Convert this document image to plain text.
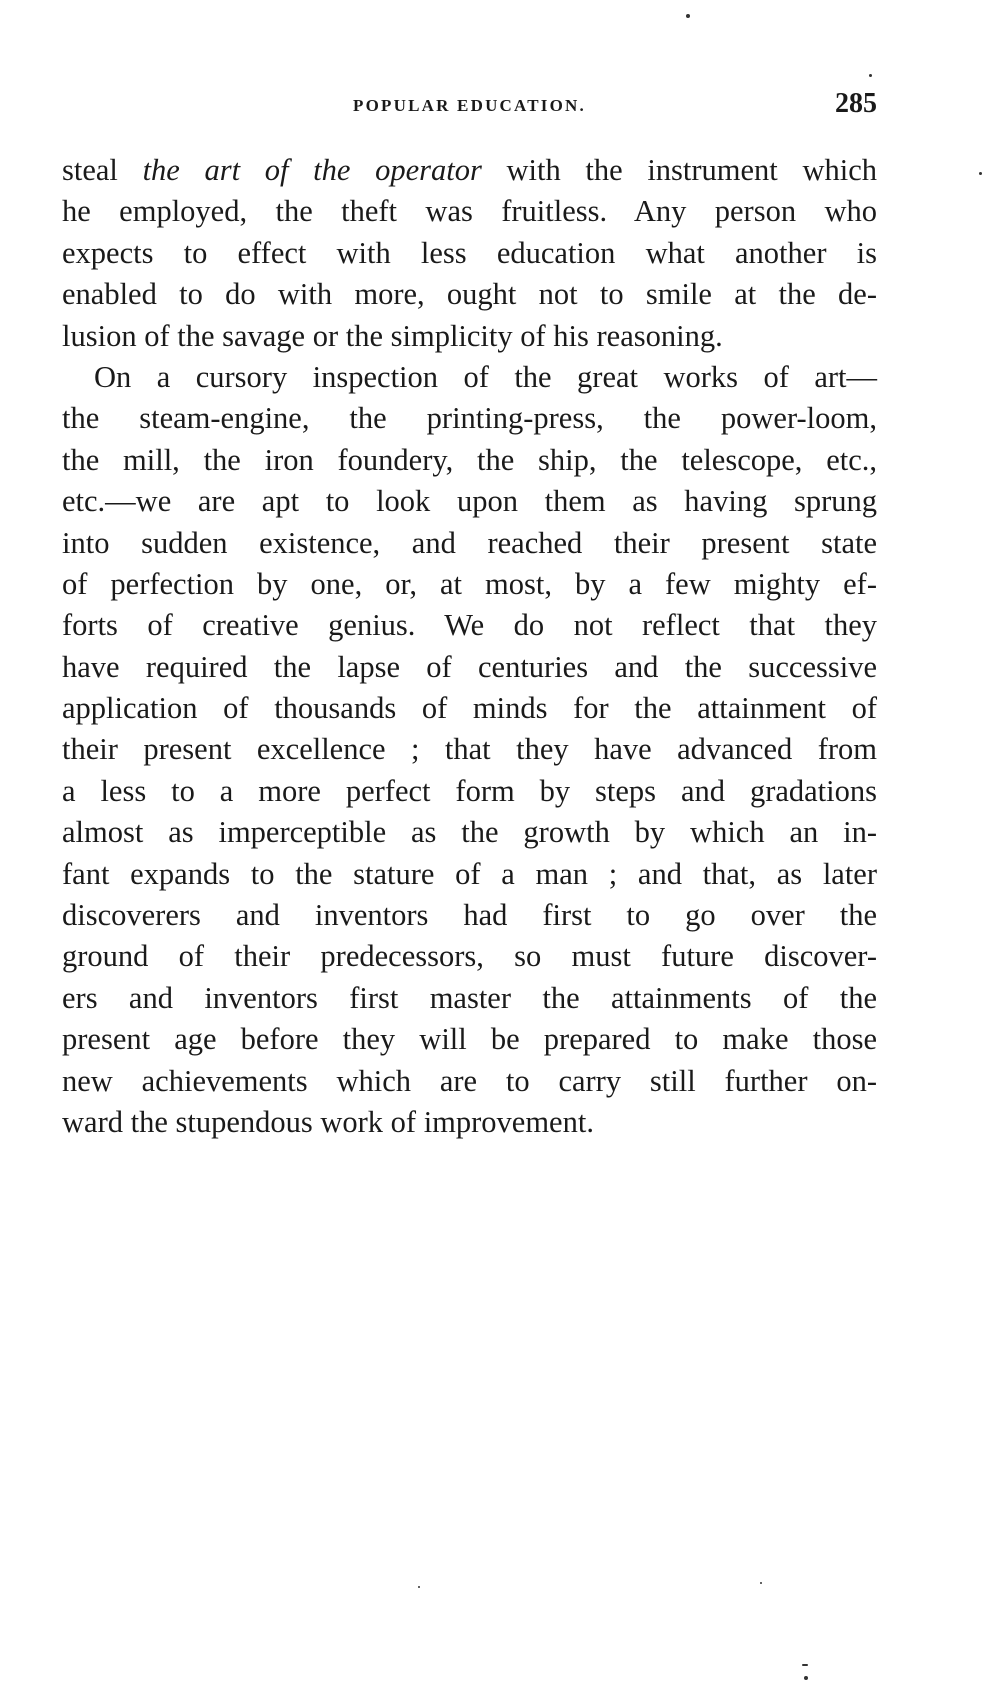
POPULAR EDUCATION.	285
steal the art of the operator with the instrument which
he employed, the theft was fruitless. Any person who
expects to effect with less education what another is
enabled to do with more, ought not to smile at the de-
lusion of the savage or the simplicity of his reasoning.
On a cursory inspection of the great works of art—
the steam-engine, the printing-press, the power-loom,
the mill, the iron foundery, the ship, the telescope, etc.,
etc.—we are apt to look upon them as having sprung
into sudden existence, and reached their present state
of perfection by one, or, at most, by a few mighty ef-
forts of creative genius. We do not reflect that they
have required the lapse of centuries and the successive
application of thousands of minds for the attainment of
their present excellence ; that they have advanced from
a less to a more perfect form by steps and gradations
almost as imperceptible as the growth by which an in-
fant expands to the stature of a man ; and that, as later
discoverers and inventors had first to go over the
ground of their predecessors, so must future discover-
ers and inventors first master the attainments of the
present age before they will be prepared to make those
new achievements which are to carry still further on-
ward the stupendous work of improvement.
